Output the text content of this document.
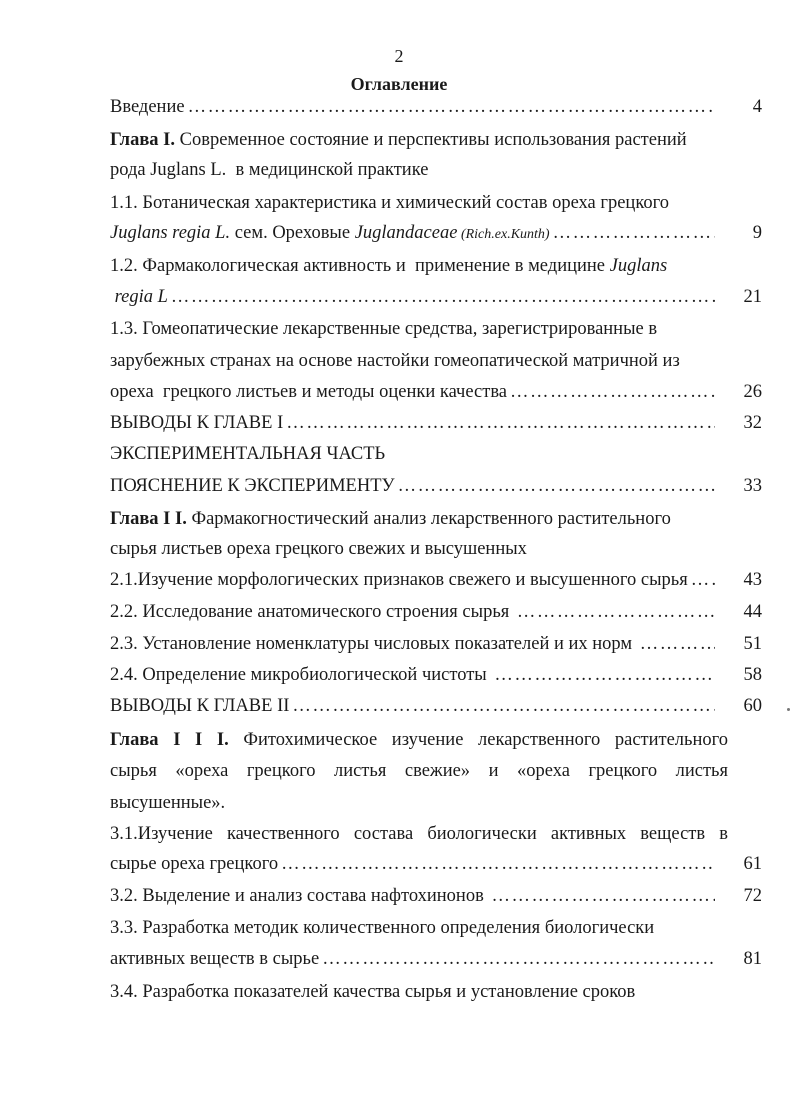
2
Оглавление
Введение ………………………………………………………………………………………………………………………………………………………………………………	4
Глава I. Современное состояние и перспективы использования растений
рода Juglans L.  в медицинской практике
1.1. Ботаническая характеристика и химический состав ореха грецкого
Juglans regia L. сем. Ореховые Juglandaceae (Rich.ex.Kunth) ………………………………………………………………………………………………………………………………………………………………………………	9
1.2. Фармакологическая активность и  применение в медицине Juglans
regia L ………………………………………………………………………………………………………………………………………………………………………………	21
1.3. Гомеопатические лекарственные средства, зарегистрированные в
зарубежных странах на основе настойки гомеопатической матричной из
ореха  грецкого листьев и методы оценки качества ………………………………………………………………………………………………………………………………………………………………………………	26
ВЫВОДЫ К ГЛАВЕ I ………………………………………………………………………………………………………………………………………………………………………………	32
ЭКСПЕРИМЕНТАЛЬНАЯ ЧАСТЬ
ПОЯСНЕНИЕ К ЭКСПЕРИМЕНТУ ………………………………………………………………………………………………………………………………………………………………………………	33
Глава I I. Фармакогностический анализ лекарственного растительного
сырья листьев ореха грецкого свежих и высушенных
2.1.Изучение морфологических признаков свежего и высушенного сырья ………………………………………………………………………………………………………………………………………………………………………………	43
2.2. Исследование анатомического строения сырья ………………………………………………………………………………………………………………………………………………………………………………	44
2.3. Установление номенклатуры числовых показателей и их норм ………………………………………………………………………………………………………………………………………………………………………………	51
2.4. Определение микробиологической чистоты ………………………………………………………………………………………………………………………………………………………………………………	58
ВЫВОДЫ К ГЛАВЕ II ………………………………………………………………………………………………………………………………………………………………………………	60
Глава I I I. Фитохимическое изучение лекарственного растительного
сырья «ореха грецкого листья свежие» и «ореха грецкого листья
высушенные».
3.1.Изучение качественного состава биологически активных веществ в
сырье ореха грецкого ………………………………………………………………………………………………………………………………………………………………………………	61
3.2. Выделение и анализ состава нафтохинонов ………………………………………………………………………………………………………………………………………………………………………………	72
3.3. Разработка методик количественного определения биологически
активных веществ в сырье ………………………………………………………………………………………………………………………………………………………………………………	81
3.4. Разработка показателей качества сырья и установление сроков
